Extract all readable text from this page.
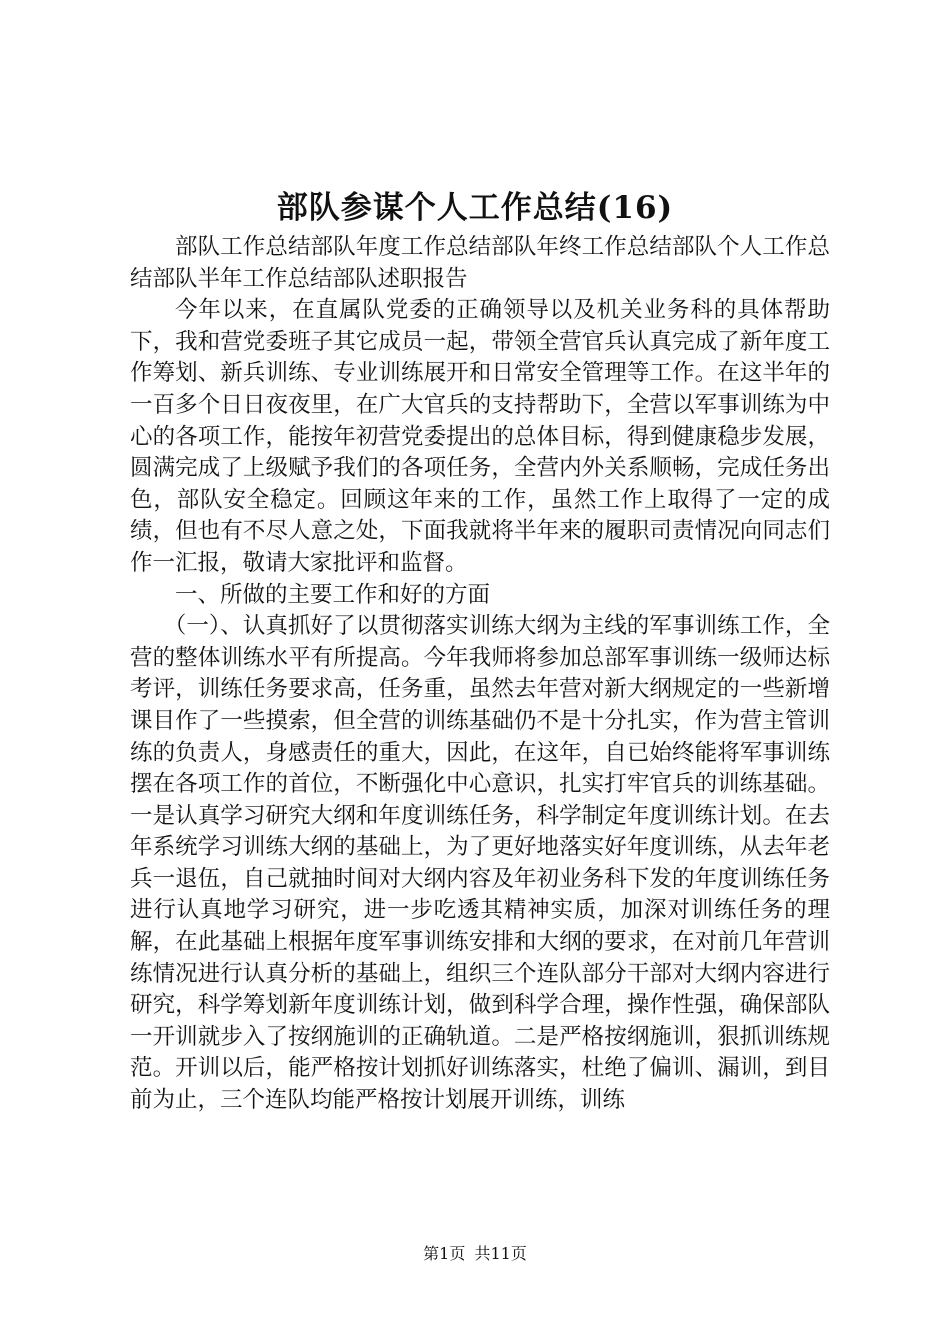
部队参谋个人工作总结(16)

部队工作总结部队年度工作总结部队年终工作总结部队个人工作总结部队半年工作总结部队述职报告

今年以来，在直属队党委的正确领导以及机关业务科的具体帮助下，我和营党委班子其它成员一起，带领全营官兵认真完成了新年度工作筹划、新兵训练、专业训练展开和日常安全管理等工作。在这半年的一百多个日日夜夜里，在广大官兵的支持帮助下，全营以军事训练为中心的各项工作，能按年初营党委提出的总体目标，得到健康稳步发展，圆满完成了上级赋予我们的各项任务，全营内外关系顺畅，完成任务出色，部队安全稳定。回顾这年来的工作，虽然工作上取得了一定的成绩，但也有不尽人意之处，下面我就将半年来的履职司责情况向同志们作一汇报，敬请大家批评和监督。

一、所做的主要工作和好的方面

（一）、认真抓好了以贯彻落实训练大纲为主线的军事训练工作，全营的整体训练水平有所提高。今年我师将参加总部军事训练一级师达标考评，训练任务要求高，任务重，虽然去年营对新大纲规定的一些新增课目作了一些摸索，但全营的训练基础仍不是十分扎实，作为营主管训练的负责人，身感责任的重大，因此，在这年，自已始终能将军事训练摆在各项工作的首位，不断强化中心意识，扎实打牢官兵的训练基础。一是认真学习研究大纲和年度训练任务，科学制定年度训练计划。在去年系统学习训练大纲的基础上，为了更好地落实好年度训练，从去年老兵一退伍，自己就抽时间对大纲内容及年初业务科下发的年度训练任务进行认真地学习研究，进一步吃透其精神实质，加深对训练任务的理解，在此基础上根据年度军事训练安排和大纲的要求，在对前几年营训练情况进行认真分析的基础上，组织三个连队部分干部对大纲内容进行研究，科学筹划新年度训练计划，做到科学合理，操作性强，确保部队一开训就步入了按纲施训的正确轨道。二是严格按纲施训，狠抓训练规范。开训以后，能严格按计划抓好训练落实，杜绝了偏训、漏训，到目前为止，三个连队均能严格按计划展开训练，训练

第1页 共11页
